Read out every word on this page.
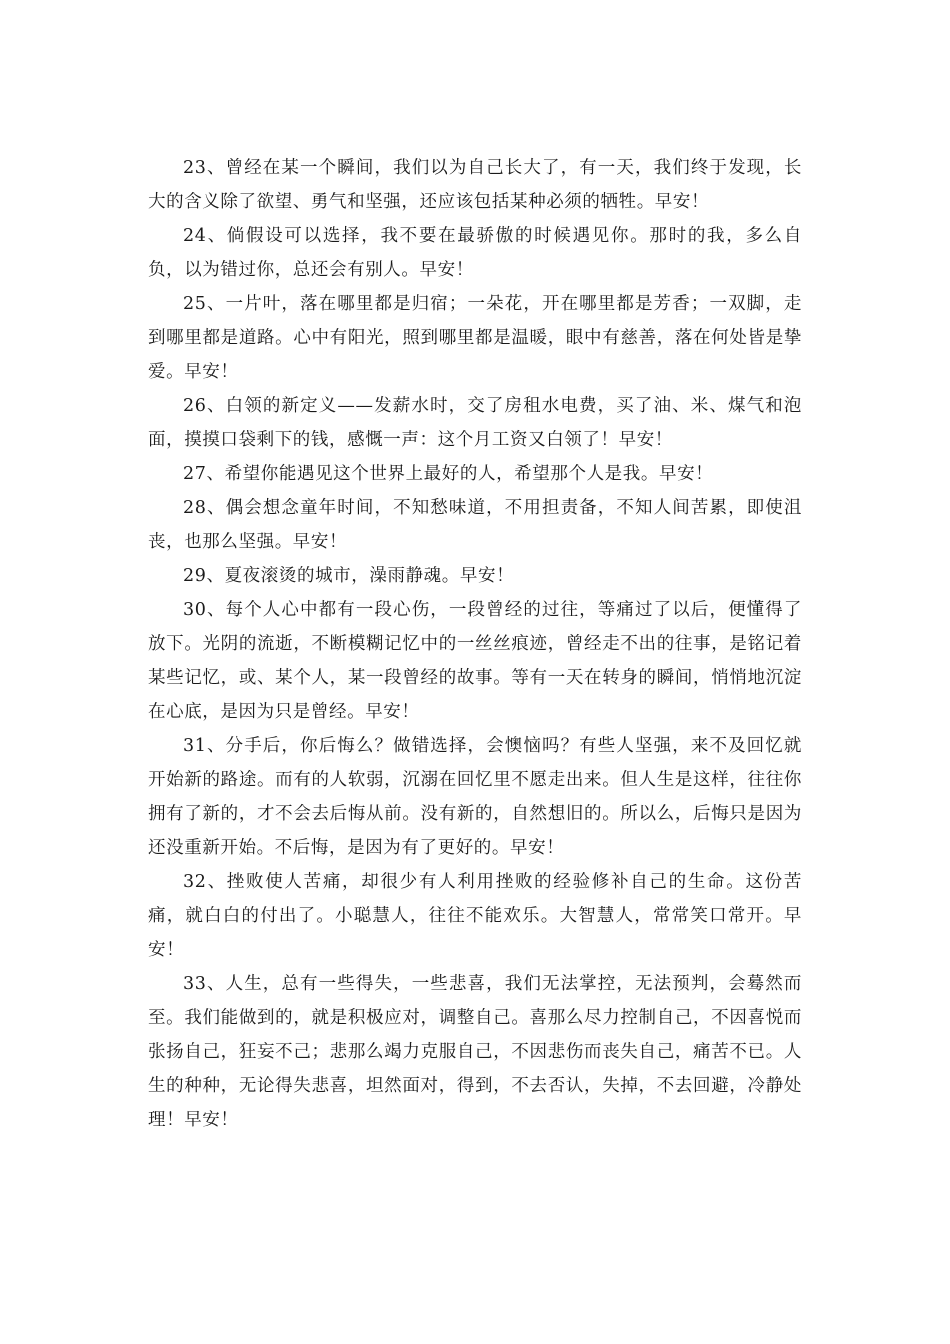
23、曾经在某一个瞬间，我们以为自己长大了，有一天，我们终于发现，长大的含义除了欲望、勇气和坚强，还应该包括某种必须的牺牲。早安！

24、倘假设可以选择，我不要在最骄傲的时候遇见你。那时的我，多么自负，以为错过你，总还会有别人。早安！

25、一片叶，落在哪里都是归宿；一朵花，开在哪里都是芳香；一双脚，走到哪里都是道路。心中有阳光，照到哪里都是温暖，眼中有慈善，落在何处皆是挚爱。早安！

26、白领的新定义——发薪水时，交了房租水电费，买了油、米、煤气和泡面，摸摸口袋剩下的钱，感慨一声：这个月工资又白领了！早安！

27、希望你能遇见这个世界上最好的人，希望那个人是我。早安！

28、偶会想念童年时间，不知愁味道，不用担责备，不知人间苦累，即使沮丧，也那么坚强。早安！

29、夏夜滚烫的城市，澡雨静魂。早安！

30、每个人心中都有一段心伤，一段曾经的过往，等痛过了以后，便懂得了放下。光阴的流逝，不断模糊记忆中的一丝丝痕迹，曾经走不出的往事，是铭记着某些记忆，或、某个人，某一段曾经的故事。等有一天在转身的瞬间，悄悄地沉淀在心底，是因为只是曾经。早安！

31、分手后，你后悔么？做错选择，会懊恼吗？有些人坚强，来不及回忆就开始新的路途。而有的人软弱，沉溺在回忆里不愿走出来。但人生是这样，往往你拥有了新的，才不会去后悔从前。没有新的，自然想旧的。所以么，后悔只是因为还没重新开始。不后悔，是因为有了更好的。早安！

32、挫败使人苦痛，却很少有人利用挫败的经验修补自己的生命。这份苦痛，就白白的付出了。小聪慧人，往往不能欢乐。大智慧人，常常笑口常开。早安！

33、人生，总有一些得失，一些悲喜，我们无法掌控，无法预判，会蓦然而至。我们能做到的，就是积极应对，调整自己。喜那么尽力控制自己，不因喜悦而张扬自己，狂妄不己；悲那么竭力克服自己，不因悲伤而丧失自己，痛苦不已。人生的种种，无论得失悲喜，坦然面对，得到，不去否认，失掉，不去回避，冷静处理！早安！
